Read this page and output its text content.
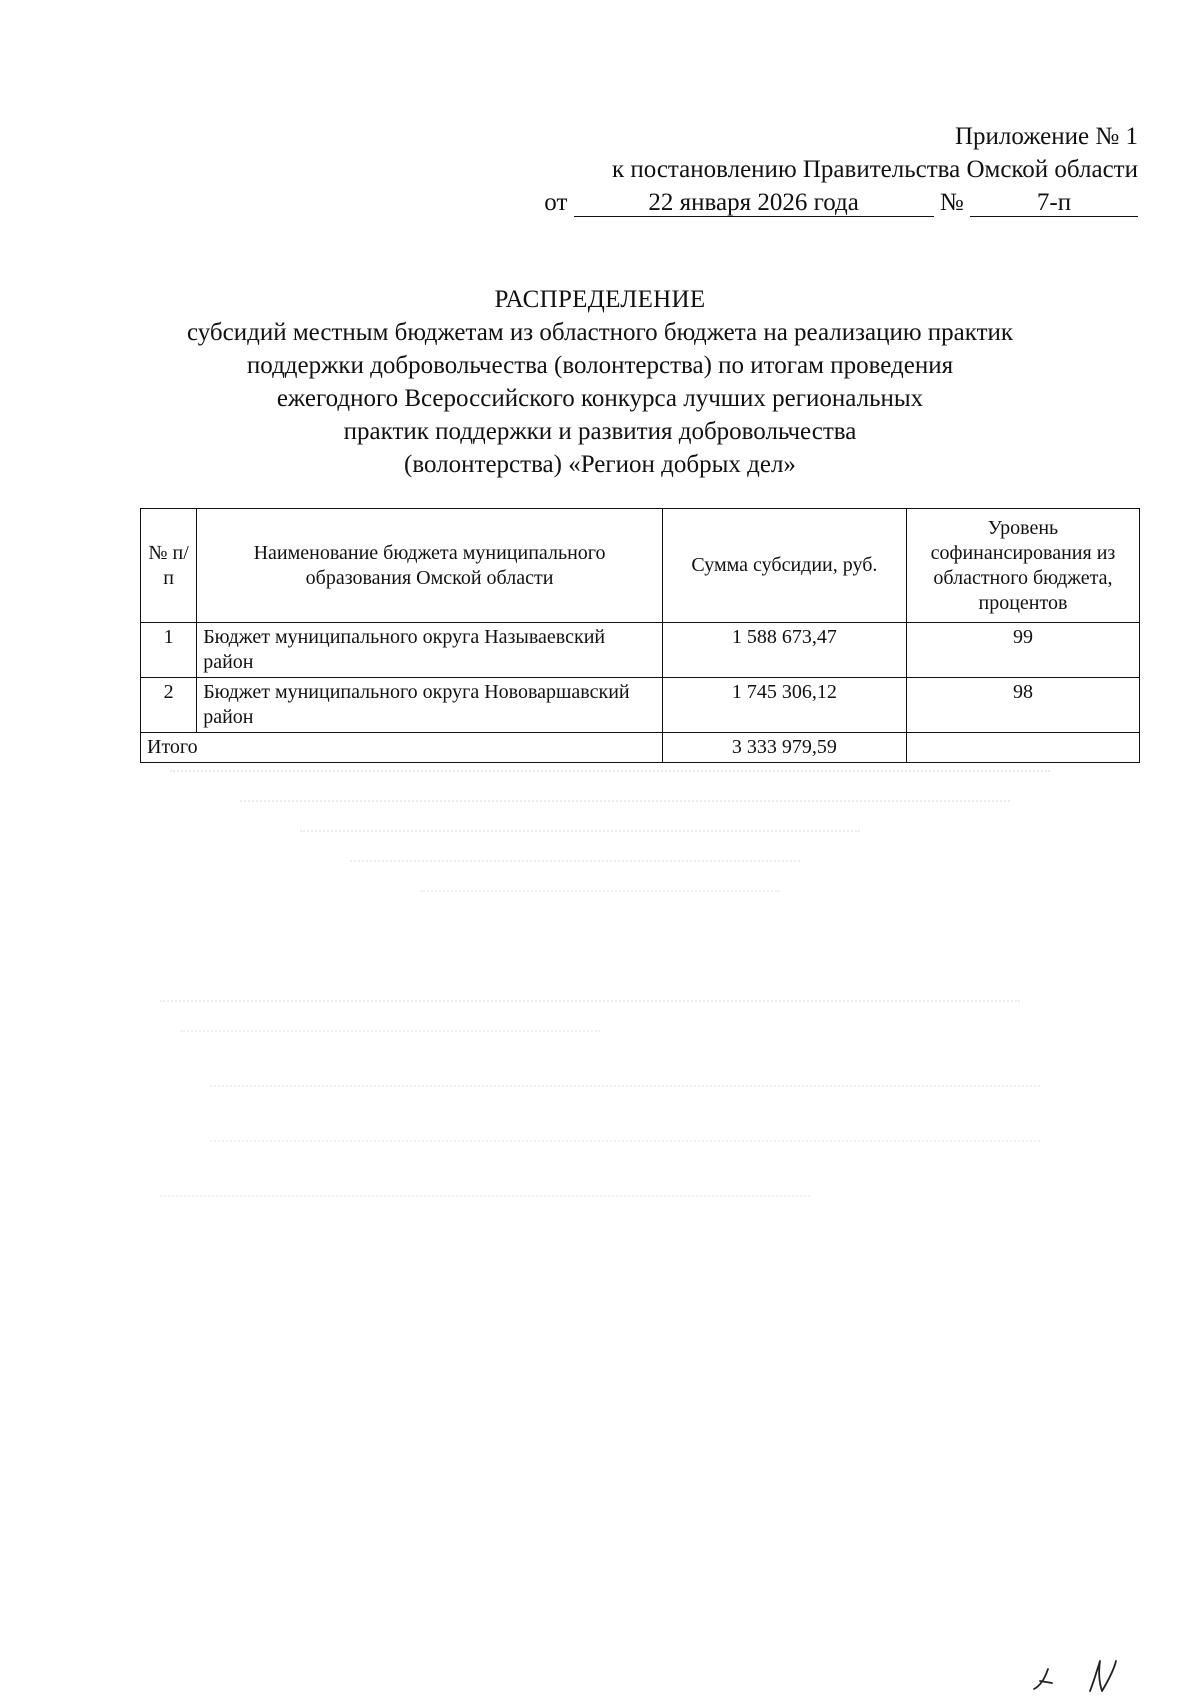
Приложение № 1
к постановлению Правительства Омской области
от	22 января 2026 года	№	7-п
РАСПРЕДЕЛЕНИЕ
субсидий местным бюджетам из областного бюджета на реализацию практик
поддержки добровольчества (волонтерства) по итогам проведения
ежегодного Всероссийского конкурса лучших региональных
практик поддержки и развития добровольчества
(волонтерства) «Регион добрых дел»
№ п/п	Наименование бюджета муниципального образования Омской области	Сумма субсидии, руб.	Уровень софинансирования из областного бюджета, процентов
1	Бюджет муниципального округа Называевский район	1 588 673,47	99
2	Бюджет муниципального округа Нововаршавский район	1 745 306,12	98
Итого		3 333 979,59	
